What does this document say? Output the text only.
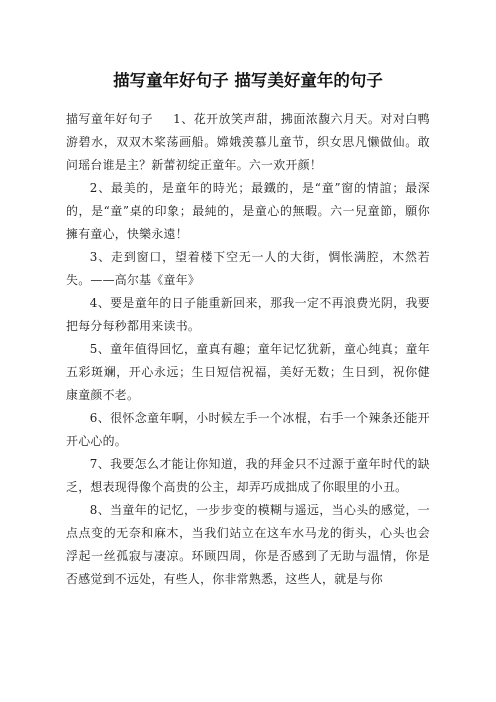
描写童年好句子 描写美好童年的句子

描写童年好句子 1、花开放笑声甜，拂面浓馥六月天。对对白鸭游碧水，双双木桨荡画船。嫦娥羡慕儿童节，织女思凡懒做仙。敢问瑶台谁是主？新蕾初绽正童年。六一欢开颜！

2、最美的，是童年的時光；最鐵的，是“童”窗的情誼；最深的，是“童”桌的印象；最純的，是童心的無暇。六一兒童節，願你擁有童心，快樂永遠！

3、走到窗口，望着楼下空无一人的大街，惆怅满腔，木然若失。——高尔基《童年》

4、要是童年的日子能重新回来，那我一定不再浪费光阴，我要把每分每秒都用来读书。

5、童年值得回忆，童真有趣；童年记忆犹新，童心纯真；童年五彩斑斓，开心永远；生日短信祝福，美好无数；生日到，祝你健康童颜不老。

6、很怀念童年啊，小时候左手一个冰棍，右手一个辣条还能开开心心的。

7、我要怎么才能让你知道，我的拜金只不过源于童年时代的缺乏，想表现得像个高贵的公主，却弄巧成拙成了你眼里的小丑。

8、当童年的记忆，一步步变的模糊与遥远，当心头的感觉，一点点变的无奈和麻木，当我们站立在这车水马龙的街头，心头也会浮起一丝孤寂与凄凉。环顾四周，你是否感到了无助与温情，你是否感觉到不远处，有些人，你非常熟悉，这些人，就是与你
